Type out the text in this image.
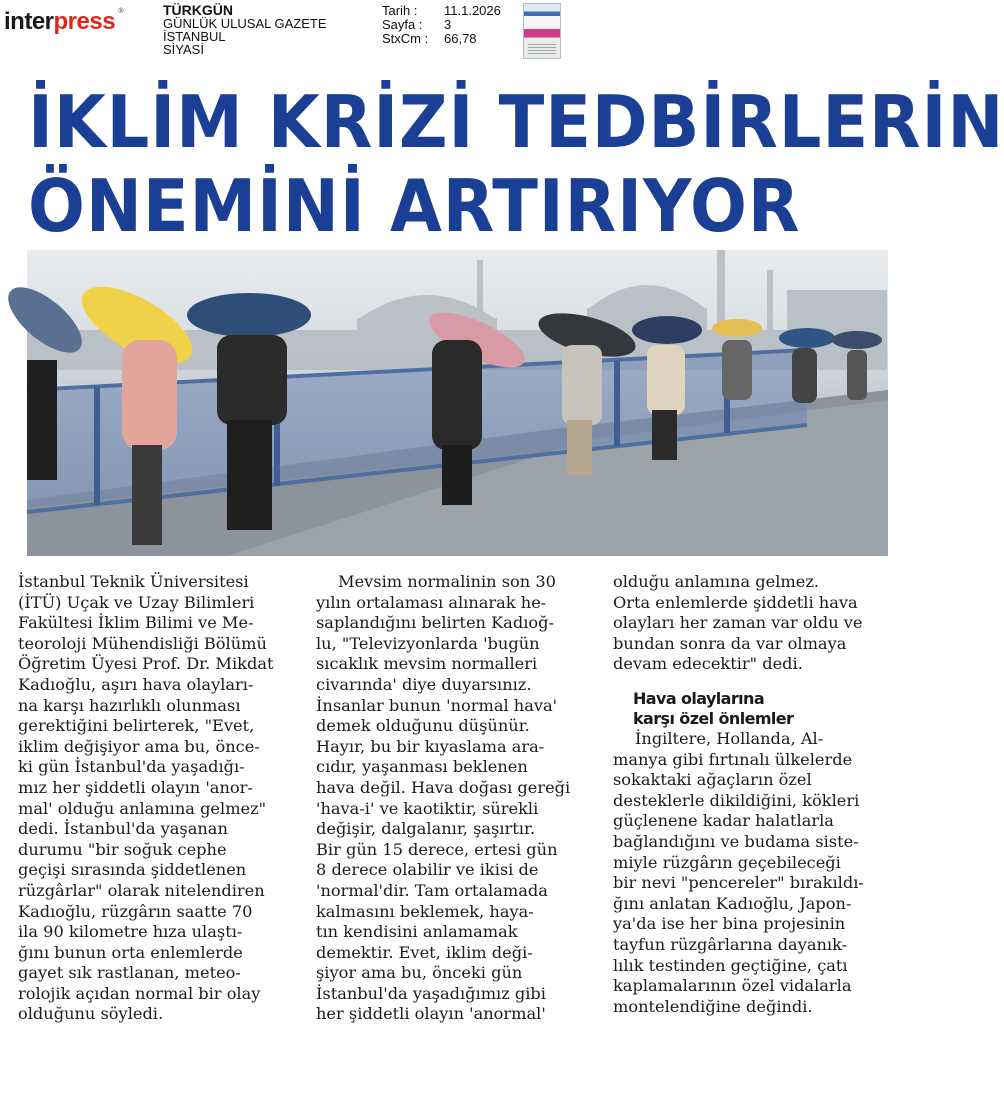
interpress ®	TÜRKGÜN
GÜNLÜK ULUSAL GAZETE
İSTANBUL
SİYASİ
Tarih :	11.1.2026
Sayfa :	3
StxCm :	66,78
İKLİM KRİZİ TEDBİRLERİN
ÖNEMİNİ ARTIRIYOR
İstanbul Teknik Üniversitesi
(İTÜ) Uçak ve Uzay Bilimleri
Fakültesi İklim Bilimi ve Me-
teoroloji Mühendisliği Bölümü
Öğretim Üyesi Prof. Dr. Mikdat
Kadıoğlu, aşırı hava olayları-
na karşı hazırlıklı olunması
gerektiğini belirterek, "Evet,
iklim değişiyor ama bu, önce-
ki gün İstanbul'da yaşadığı-
mız her şiddetli olayın 'anor-
mal' olduğu anlamına gelmez"
dedi. İstanbul'da yaşanan
durumu "bir soğuk cephe
geçişi sırasında şiddetlenen
rüzgârlar" olarak nitelendiren
Kadıoğlu, rüzgârın saatte 70
ila 90 kilometre hıza ulaştı-
ğını bunun orta enlemlerde
gayet sık rastlanan, meteo-
rolojik açıdan normal bir olay
olduğunu söyledi.
Mevsim normalinin son 30
yılın ortalaması alınarak he-
saplandığını belirten Kadıoğ-
lu, "Televizyonlarda 'bugün
sıcaklık mevsim normalleri
civarında' diye duyarsınız.
İnsanlar bunun 'normal hava'
demek olduğunu düşünür.
Hayır, bu bir kıyaslama ara-
cıdır, yaşanması beklenen
hava değil. Hava doğası gereği
'hava-i' ve kaotiktir, sürekli
değişir, dalgalanır, şaşırtır.
Bir gün 15 derece, ertesi gün
8 derece olabilir ve ikisi de
'normal'dir. Tam ortalamada
kalmasını beklemek, haya-
tın kendisini anlamamak
demektir. Evet, iklim deği-
şiyor ama bu, önceki gün
İstanbul'da yaşadığımız gibi
her şiddetli olayın 'anormal'
olduğu anlamına gelmez.
Orta enlemlerde şiddetli hava
olayları her zaman var oldu ve
bundan sonra da var olmaya
devam edecektir" dedi.
Hava olaylarına
karşı özel önlemler
İngiltere, Hollanda, Al-
manya gibi fırtınalı ülkelerde
sokaktaki ağaçların özel
desteklerle dikildiğini, kökleri
güçlenene kadar halatlarla
bağlandığını ve budama siste-
miyle rüzgârın geçebileceği
bir nevi "pencereler" bırakıldı-
ğını anlatan Kadıoğlu, Japon-
ya'da ise her bina projesinin
tayfun rüzgârlarına dayanık-
lılık testinden geçtiğine, çatı
kaplamalarının özel vidalarla
montelendiğine değindi.
